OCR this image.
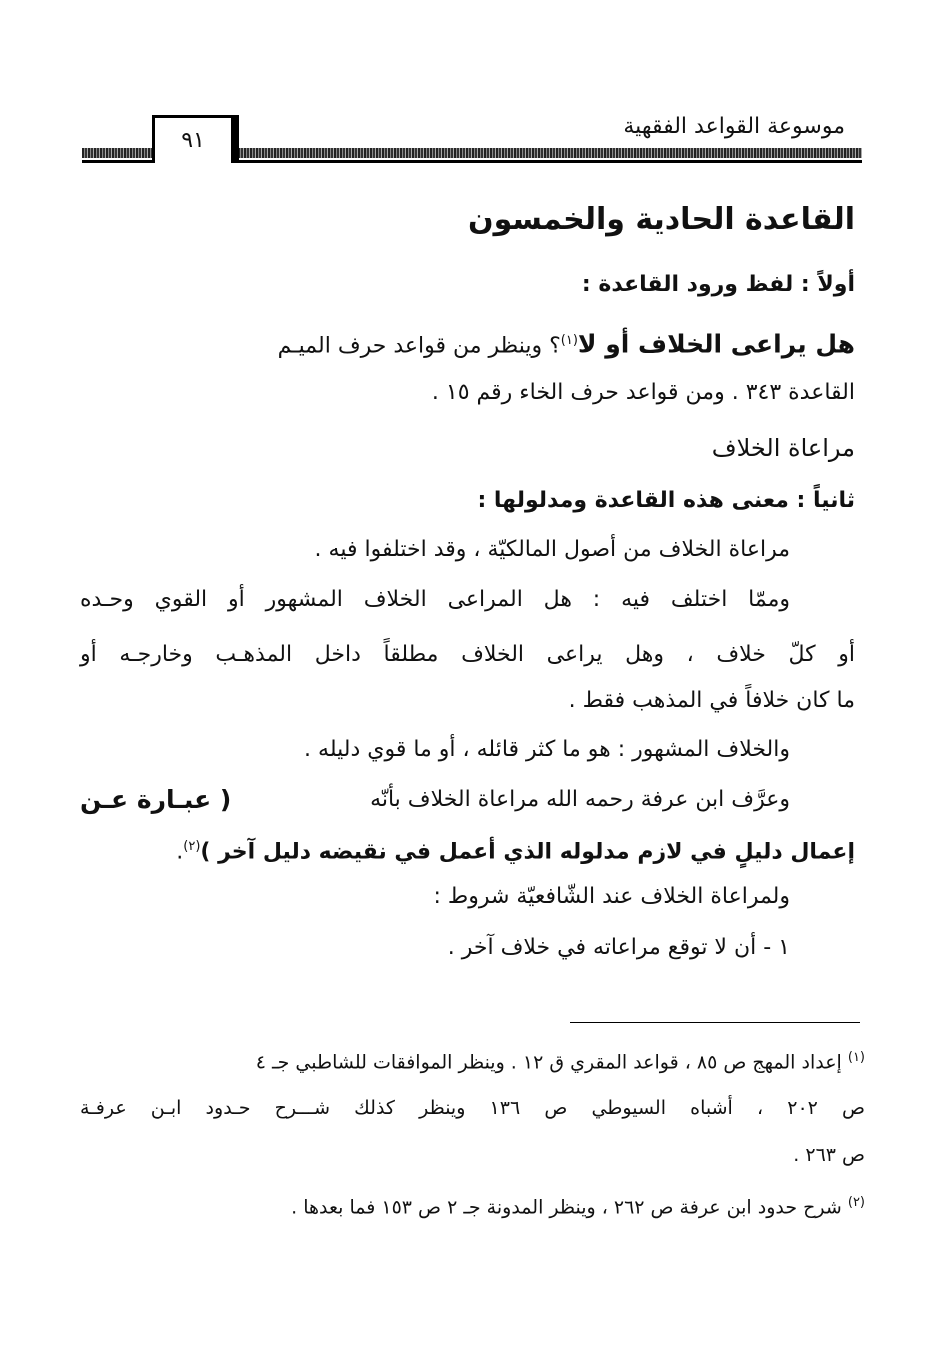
موسوعة القواعد الفقهية
٩١
القاعدة الحادية والخمسون
أولاً : لفظ ورود القاعدة :
هل يراعى الخلاف أو لا$^{(١)}$؟ وينظر من قواعد حرف الميـم
القاعدة ٣٤٣ . ومن قواعد حرف الخاء رقم ١٥ .
مراعاة الخلاف
ثانياً : معنى هذه القاعدة ومدلولها :
مراعاة الخلاف من أصول المالكيّة ، وقد اختلفوا فيه .
وممّا اختلف فيه : هل المراعى الخلاف المشهور أو القوي وحـده
أو كلّ خلاف ، وهل يراعى الخلاف مطلقاً داخل المذهـب وخارجـه أو
ما كان خلافاً في المذهب فقط .
والخلاف المشهور : هو ما كثر قائله ، أو ما قوي دليله .
وعرَّف ابن عرفة رحمه الله مراعاة الخلاف بأنّه
( عبـارة عـن
إعمال دليلٍ في لازم مدلوله الذي أعمل في نقيضه دليل آخر )$^{(٢)}$.
ولمراعاة الخلاف عند الشّافعيّة شروط :
١ - أن لا توقع مراعاته في خلاف آخر .
$^{(١)}$ إعداد المهج ص ٨٥ ، قواعد المقري ق ١٢ . وينظر الموافقات للشاطبي جـ ٤
ص ٢٠٢ ، أشباه السيوطي ص ١٣٦ وينظر كذلك شـــرح حـدود ابـن عرفـة
ص ٢٦٣ .
$^{(٢)}$ شرح حدود ابن عرفة ص ٢٦٢ ، وينظر المدونة جـ ٢ ص ١٥٣ فما بعدها .
